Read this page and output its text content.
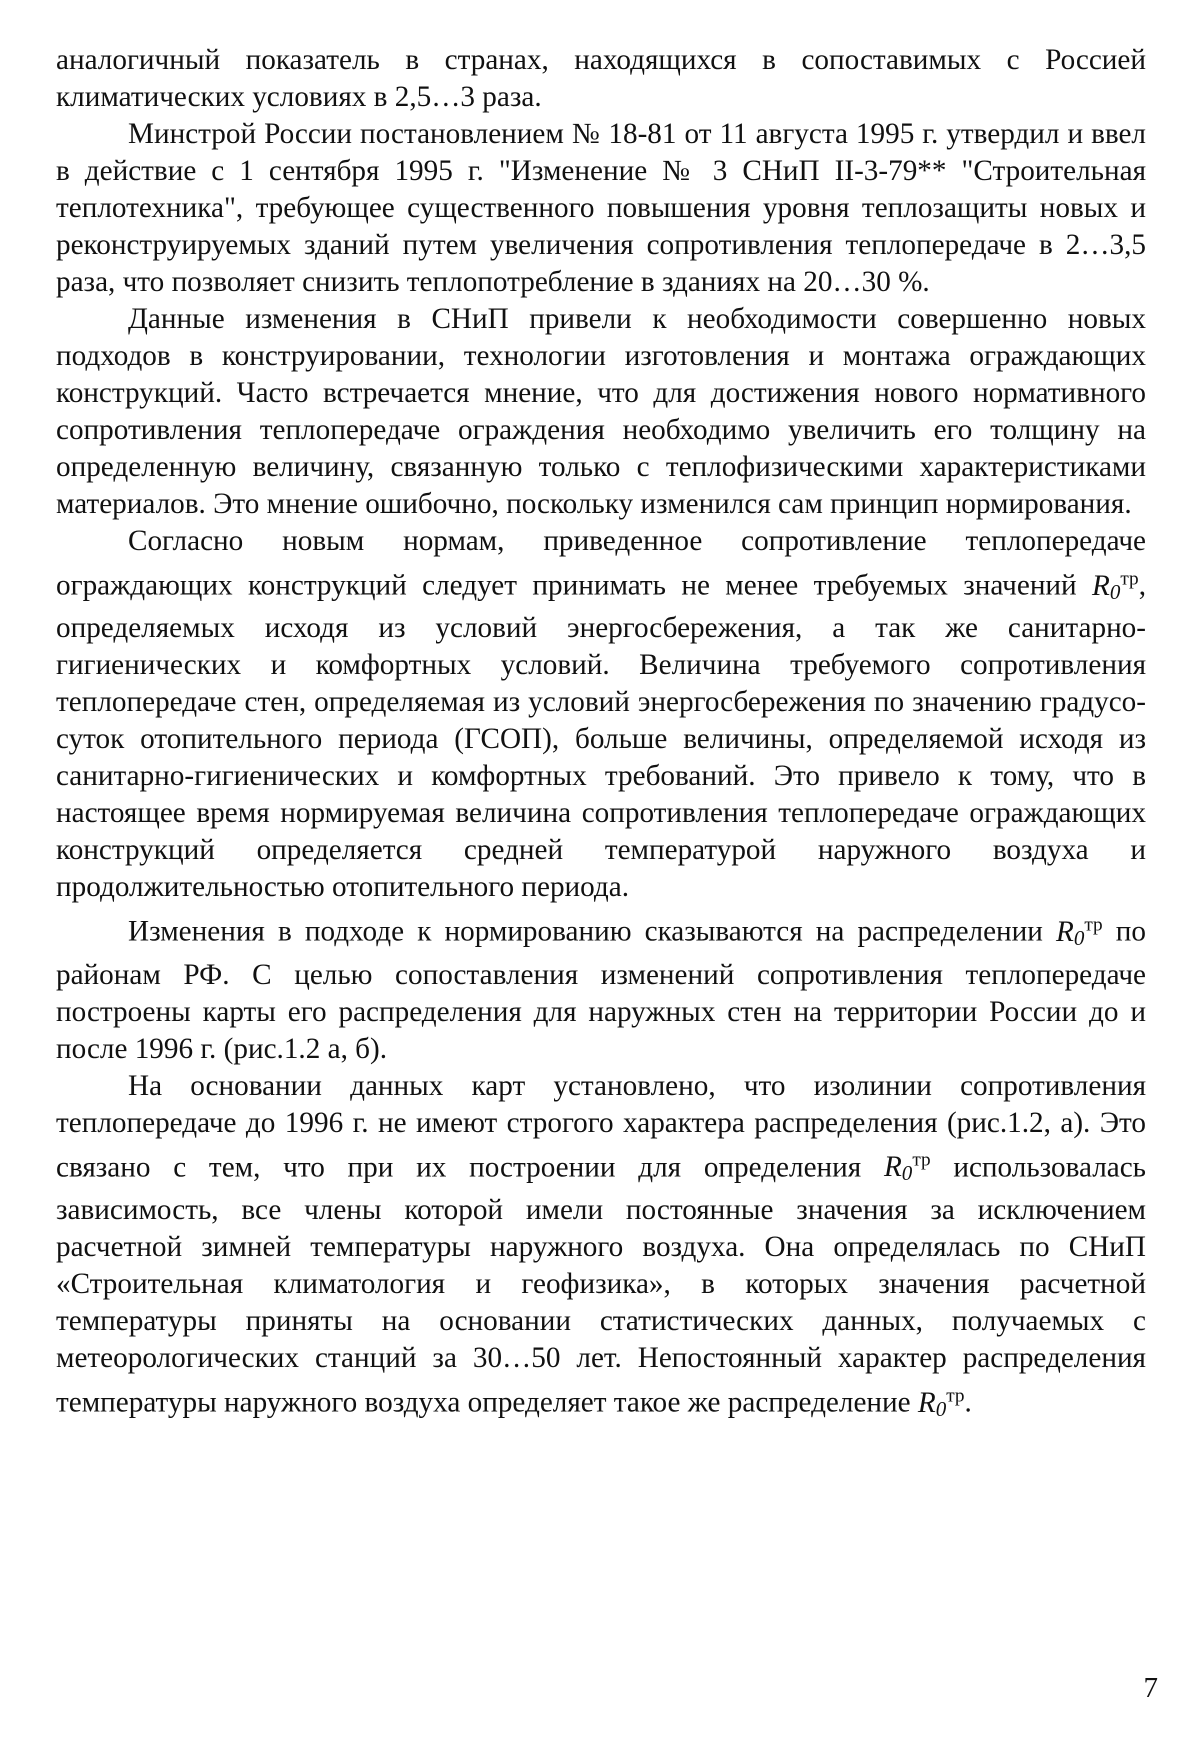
аналогичный показатель в странах, находящихся в сопоставимых с Россией климатических условиях в 2,5…3 раза.

Минстрой России постановлением № 18-81 от 11 августа 1995 г. утвердил и ввел в действие с 1 сентября 1995 г. "Изменение № 3 СНиП II-3-79** "Строительная теплотехника", требующее существенного повышения уровня теплозащиты новых и реконструируемых зданий путем увеличения сопротивления теплопередаче в 2…3,5 раза, что позволяет снизить теплопотребление в зданиях на 20…30 %.

Данные изменения в СНиП привели к необходимости совершенно новых подходов в конструировании, технологии изготовления и монтажа ограждающих конструкций. Часто встречается мнение, что для достижения нового нормативного сопротивления теплопередаче ограждения необходимо увеличить его толщину на определенную величину, связанную только с теплофизическими характеристиками материалов. Это мнение ошибочно, поскольку изменился сам принцип нормирования.

Согласно новым нормам, приведенное сопротивление теплопередаче ограждающих конструкций следует принимать не менее требуемых значений $R0^{тр}$, определяемых исходя из условий энергосбережения, а так же санитарно-гигиенических и комфортных условий. Величина требуемого сопротивления теплопередаче стен, определяемая из условий энергосбережения по значению градусо-суток отопительного периода (ГСОП), больше величины, определяемой исходя из санитарно-гигиенических и комфортных требований. Это привело к тому, что в настоящее время нормируемая величина сопротивления теплопередаче ограждающих конструкций определяется средней температурой наружного воздуха и продолжительностью отопительного периода.

Изменения в подходе к нормированию сказываются на распределении $R0^{тр}$ по районам РФ. С целью сопоставления изменений сопротивления теплопередаче построены карты его распределения для наружных стен на территории России до и после 1996 г. (рис.1.2 а, б).

На основании данных карт установлено, что изолинии сопротивления теплопередаче до 1996 г. не имеют строгого характера распределения (рис.1.2, а). Это связано с тем, что при их построении для определения $R0^{тр}$ использовалась зависимость, все члены которой имели постоянные значения за исключением расчетной зимней температуры наружного воздуха. Она определялась по СНиП «Строительная климатология и геофизика», в которых значения расчетной температуры приняты на основании статистических данных, получаемых с метеорологических станций за 30…50 лет. Непостоянный характер распределения температуры наружного воздуха определяет такое же распределение $R0^{тр}$.

7
